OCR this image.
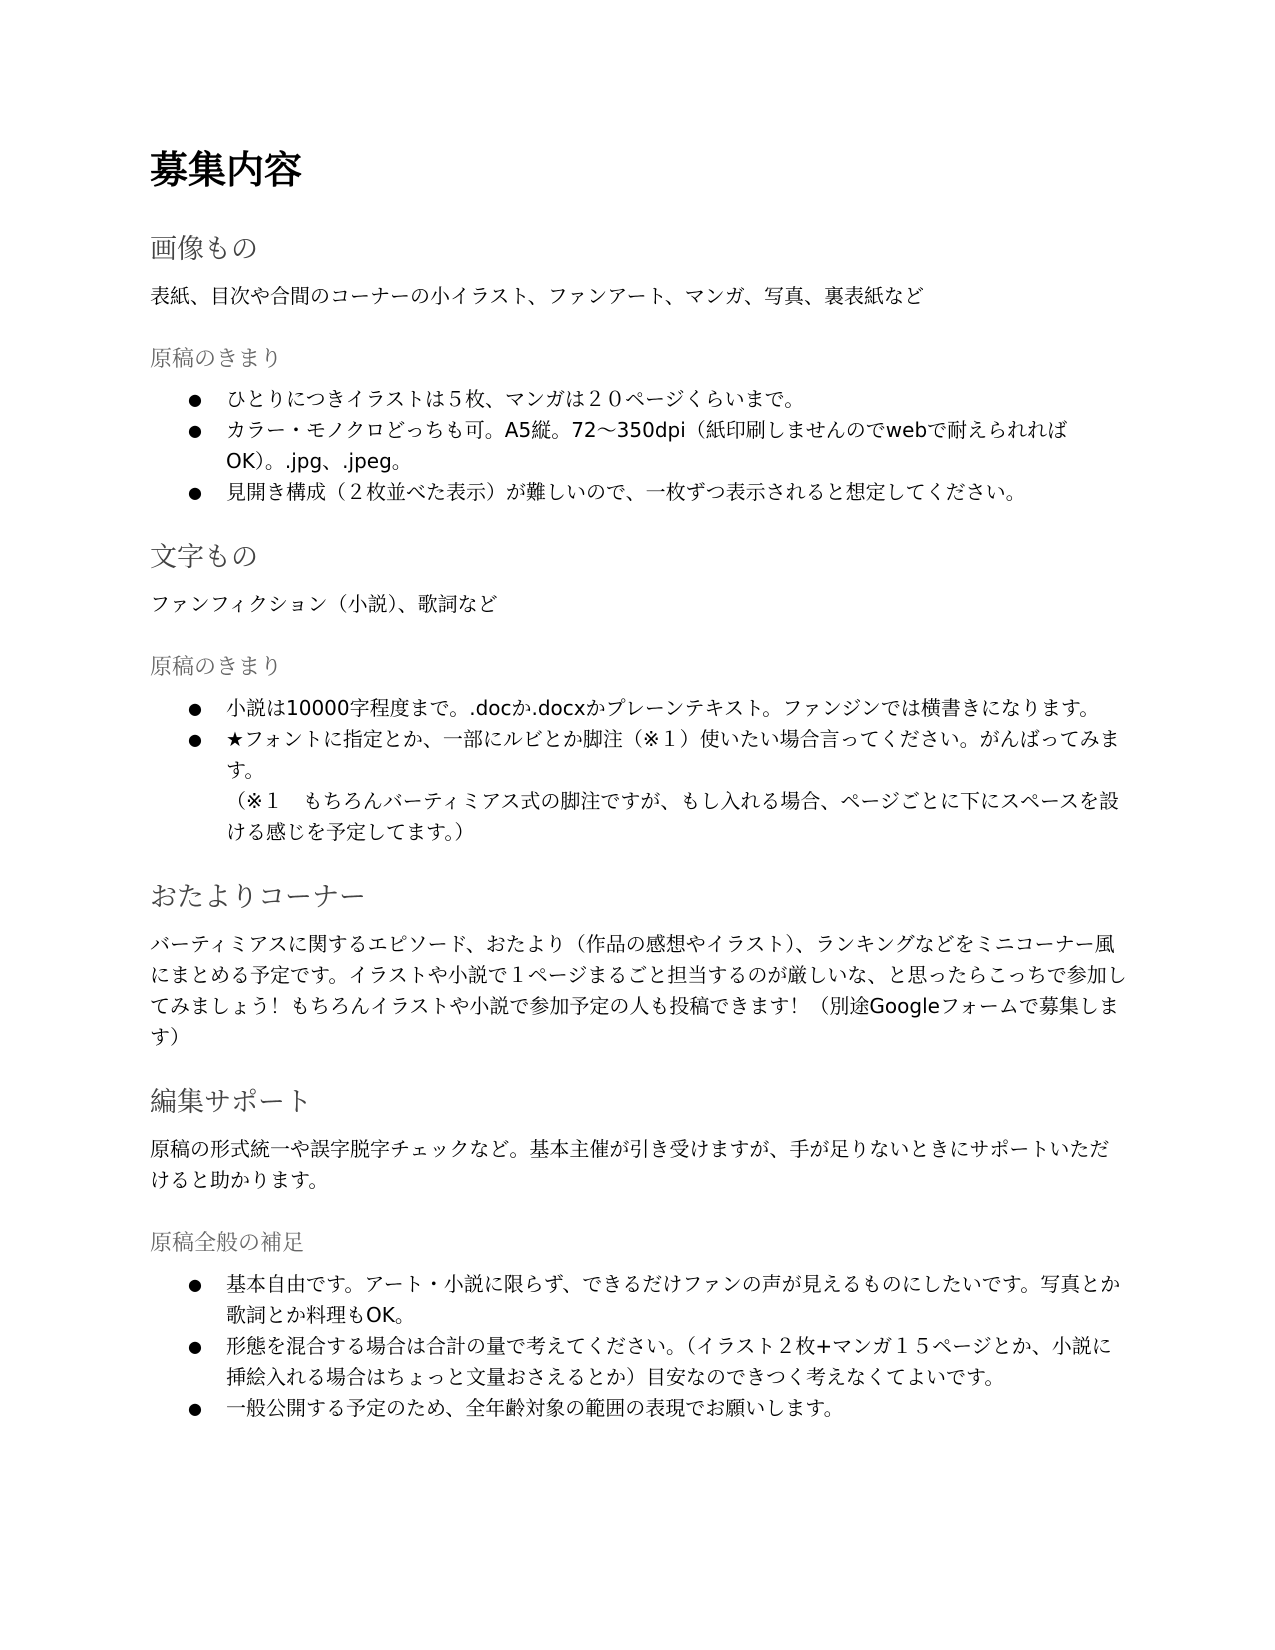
募集内容
画像もの

表紙、目次や合間のコーナーの小イラスト、ファンアート、マンガ、写真、裏表紙など

原稿のきまり
● ひとりにつきイラストは５枚、マンガは２０ページくらいまで。
● カラー・モノクロどっちも可。A5縦。72〜350dpi（紙印刷しませんのでwebで耐えられればOK）。.jpg、.jpeg。
● 見開き構成（２枚並べた表示）が難しいので、一枚ずつ表示されると想定してください。
文字もの

ファンフィクション（小説）、歌詞など

原稿のきまり
● 小説は10000字程度まで。.docか.docxかプレーンテキスト。ファンジンでは横書きになります。
● ★フォントに指定とか、一部にルビとか脚注（※１）使いたい場合言ってください。がんばってみます。
（※１　もちろんバーティミアス式の脚注ですが、もし入れる場合、ページごとに下にスペースを設ける感じを予定してます。）
おたよりコーナー

バーティミアスに関するエピソード、おたより（作品の感想やイラスト）、ランキングなどをミニコーナー風にまとめる予定です。イラストや小説で１ページまるごと担当するのが厳しいな、と思ったらこっちで参加してみましょう！もちろんイラストや小説で参加予定の人も投稿できます！（別途Googleフォームで募集します）

編集サポート

原稿の形式統一や誤字脱字チェックなど。基本主催が引き受けますが、手が足りないときにサポートいただけると助かります。

原稿全般の補足
● 基本自由です。アート・小説に限らず、できるだけファンの声が見えるものにしたいです。写真とか歌詞とか料理もOK。
● 形態を混合する場合は合計の量で考えてください。（イラスト２枚+マンガ１５ページとか、小説に挿絵入れる場合はちょっと文量おさえるとか）目安なのできつく考えなくてよいです。
● 一般公開する予定のため、全年齢対象の範囲の表現でお願いします。
